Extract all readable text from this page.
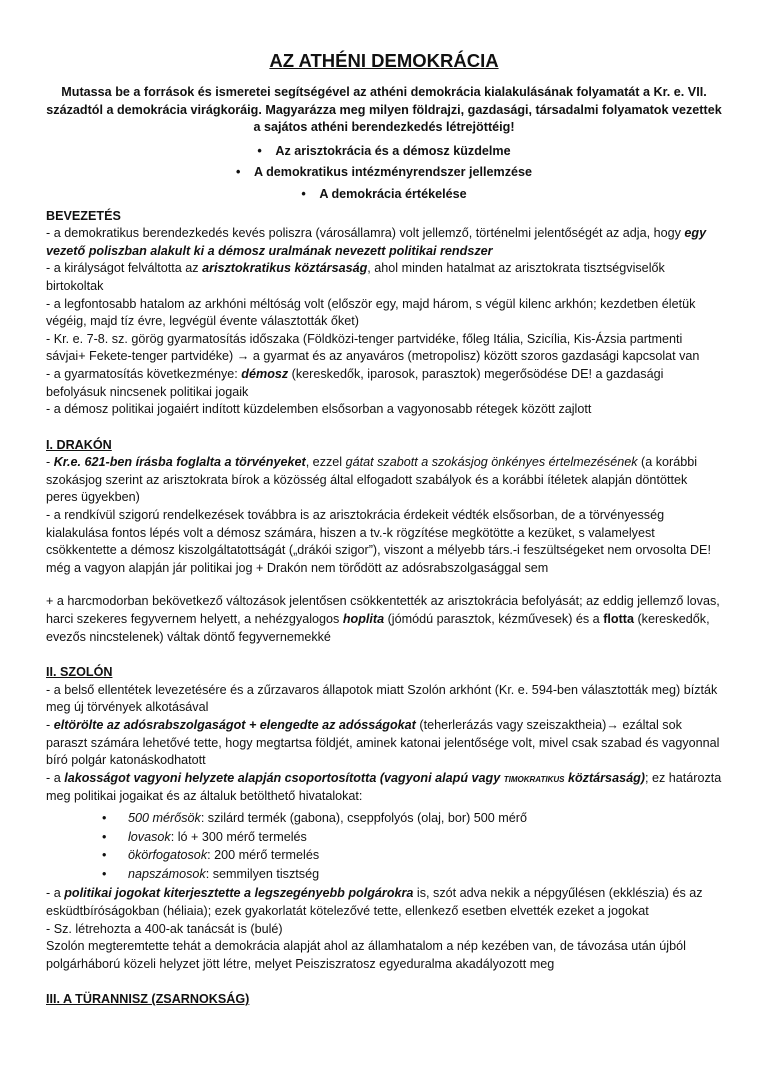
AZ ATHÉNI DEMOKRÁCIA
Mutassa be a források és ismeretei segítségével az athéni demokrácia kialakulásának folyamatát a Kr. e. VII. századtól a demokrácia virágkoráig. Magyarázza meg milyen földrajzi, gazdasági, társadalmi folyamatok vezettek a sajátos athéni berendezkedés létrejöttéig!
• Az arisztokrácia és a démosz küzdelme
• A demokratikus intézményrendszer jellemzése
• A demokrácia értékelése
BEVEZETÉS

- a demokratikus berendezkedés kevés poliszra (városállamra) volt jellemző, történelmi jelentőségét az adja, hogy egy vezető poliszban alakult ki a démosz uralmának nevezett politikai rendszer

- a királyságot felváltotta az arisztokratikus köztársaság, ahol minden hatalmat az arisztokrata tisztségviselők birtokoltak

- a legfontosabb hatalom az arkhóni méltóság volt (először egy, majd három, s végül kilenc arkhón; kezdetben életük végéig, majd tíz évre, legvégül évente választották őket)

- Kr. e. 7-8. sz. görög gyarmatosítás időszaka (Földközi-tenger partvidéke, főleg Itália, Szicília, Kis-Ázsia partmenti sávjai+ Fekete-tenger partvidéke) → a gyarmat és az anyaváros (metropolisz) között szoros gazdasági kapcsolat van

- a gyarmatosítás következménye: démosz (kereskedők, iparosok, parasztok) megerősödése DE! a gazdasági befolyásuk nincsenek politikai jogaik

- a démosz politikai jogaiért indított küzdelemben elsősorban a vagyonosabb rétegek között zajlott

I. DRAKÓN

- Kr.e. 621-ben írásba foglalta a törvényeket, ezzel gátat szabott a szokásjog önkényes értelmezésének (a korábbi szokásjog szerint az arisztokrata bírok a közösség által elfogadott szabályok és a korábbi ítéletek alapján döntöttek peres ügyekben)

- a rendkívül szigorú rendelkezések továbbra is az arisztokrácia érdekeit védték elsősorban, de a törvényesség kialakulása fontos lépés volt a démosz számára, hiszen a tv.-k rögzítése megkötötte a kezüket, s valamelyest csökkentette a démosz kiszolgáltatottságát („drákói szigor”), viszont a mélyebb társ.-i feszültségeket nem orvosolta DE! még a vagyon alapján jár politikai jog + Drakón nem törődött az adósrabszolgasággal sem

+ a harcmodorban bekövetkező változások jelentősen csökkentették az arisztokrácia befolyását; az eddig jellemző lovas, harci szekeres fegyvernem helyett, a nehézgyalogos hoplita (jómódú parasztok, kézművesek) és a flotta (kereskedők, evezős nincstelenek) váltak döntő fegyvernemekké

II. SZOLÓN

- a belső ellentétek levezetésére és a zűrzavaros állapotok miatt Szolón arkhónt (Kr. e. 594-ben választották meg) bízták meg új törvények alkotásával

- eltörölte az adósrabszolgaságot + elengedte az adósságokat (teherlerázás vagy szeiszaktheia)→ ezáltal sok paraszt számára lehetővé tette, hogy megtartsa földjét, aminek katonai jelentősége volt, mivel csak szabad és vagyonnal bíró polgár katonáskodhatott

- a lakosságot vagyoni helyzete alapján csoportosította (vagyoni alapú vagy timokratikus köztársaság); ez határozta meg politikai jogaikat és az általuk betölthető hivatalokat:

• 500 mérősök: szilárd termék (gabona), cseppfolyós (olaj, bor) 500 mérő
• lovasok: ló + 300 mérő termelés
• ökörfogatosok: 200 mérő termelés
• napszámosok: semmilyen tisztség

- a politikai jogokat kiterjesztette a legszegényebb polgárokra is, szót adva nekik a népgyűlésen (ekklészia) és az esküdtbíróságokban (héliaia); ezek gyakorlatát kötelezővé tette, ellenkező esetben elvették ezeket a jogokat

- Sz. létrehozta a 400-ak tanácsát is (bulé)

Szolón megteremtette tehát a demokrácia alapját ahol az államhatalom a nép kezében van, de távozása után újból polgárháború közeli helyzet jött létre, melyet Peisziszratosz egyeduralma akadályozott meg

III. A TÜRANNISZ (ZSARNOKSÁG)
